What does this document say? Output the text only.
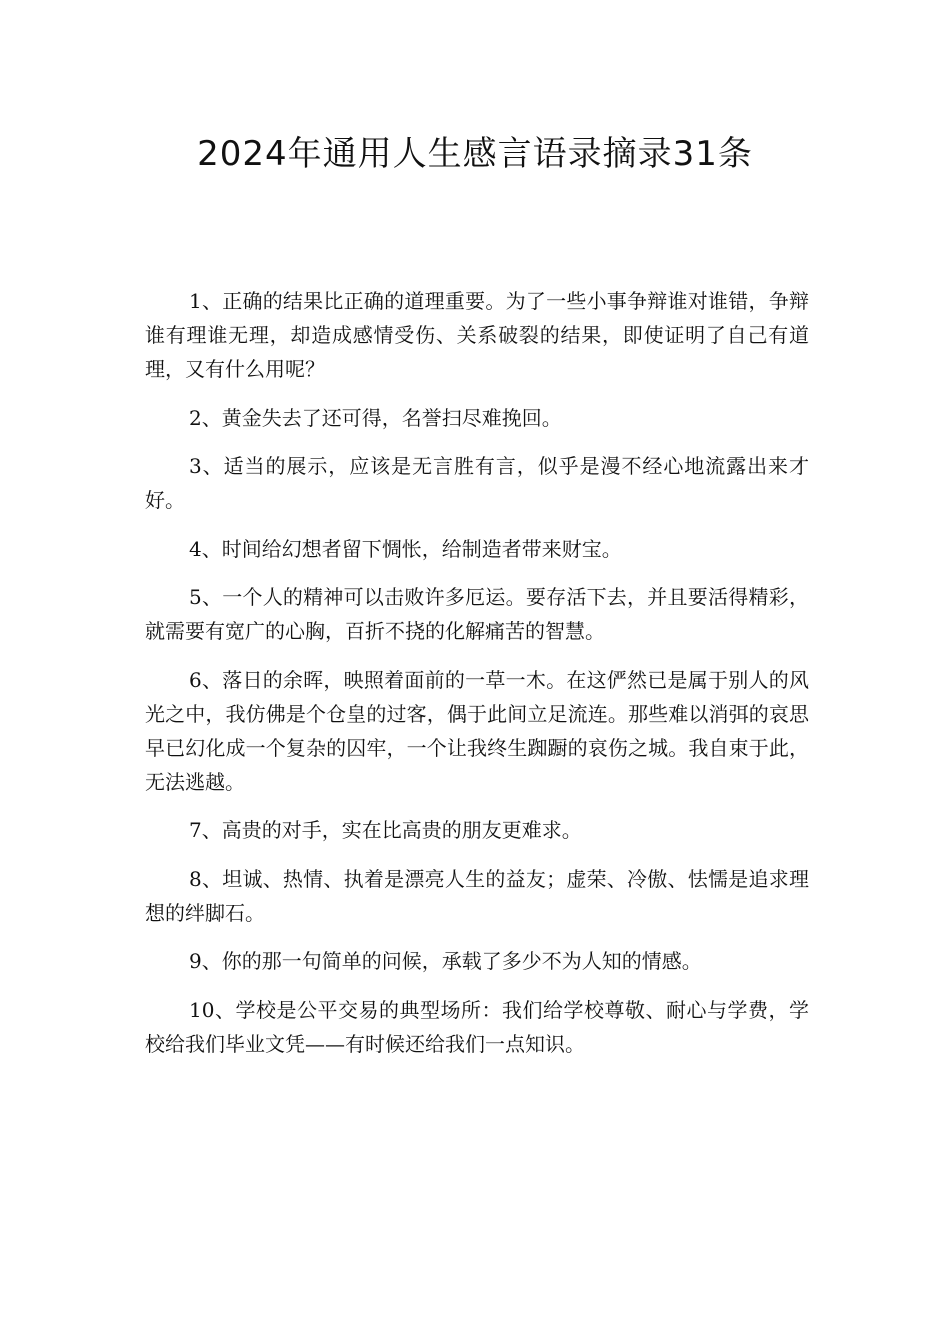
2024年通用人生感言语录摘录31条

1、正确的结果比正确的道理重要。为了一些小事争辩谁对谁错，争辩谁有理谁无理，却造成感情受伤、关系破裂的结果，即使证明了自己有道理，又有什么用呢？

2、黄金失去了还可得，名誉扫尽难挽回。

3、适当的展示，应该是无言胜有言，似乎是漫不经心地流露出来才好。

4、时间给幻想者留下惆怅，给制造者带来财宝。

5、一个人的精神可以击败许多厄运。要存活下去，并且要活得精彩，就需要有宽广的心胸，百折不挠的化解痛苦的智慧。

6、落日的余晖，映照着面前的一草一木。在这俨然已是属于别人的风光之中，我仿佛是个仓皇的过客，偶于此间立足流连。那些难以消弭的哀思早已幻化成一个复杂的囚牢，一个让我终生踟蹰的哀伤之城。我自束于此，无法逃越。

7、高贵的对手，实在比高贵的朋友更难求。

8、坦诚、热情、执着是漂亮人生的益友；虚荣、冷傲、怯懦是追求理想的绊脚石。

9、你的那一句简单的问候，承载了多少不为人知的情感。

10、学校是公平交易的典型场所：我们给学校尊敬、耐心与学费，学校给我们毕业文凭——有时候还给我们一点知识。
